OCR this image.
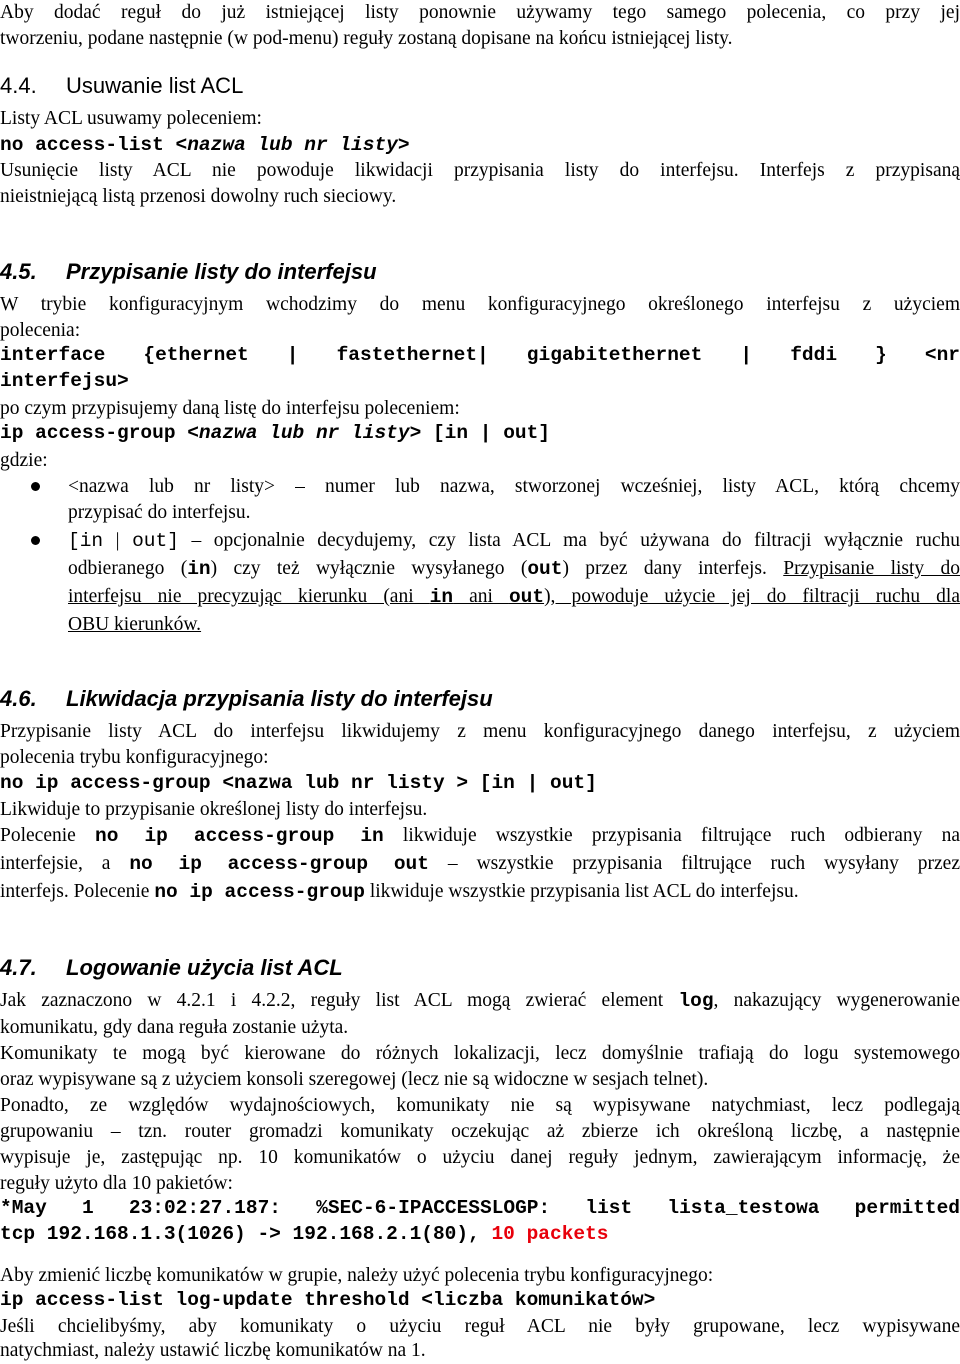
Aby dodać reguł do już istniejącej listy ponownie używamy tego samego polecenia, co przy jej
tworzeniu, podane następnie (w pod-menu) reguły zostaną dopisane na końcu istniejącej listy.
4.4. Usuwanie list ACL
Listy ACL usuwamy poleceniem:
no access-list <nazwa lub nr listy>
Usunięcie listy ACL nie powoduje likwidacji przypisania listy do interfejsu. Interfejs z przypisaną
nieistniejącą listą przenosi dowolny ruch sieciowy.
4.5. Przypisanie listy do interfejsu
W trybie konfiguracyjnym wchodzimy do menu konfiguracyjnego określonego interfejsu z użyciem
polecenia:
interface {ethernet | fastethernet| gigabitethernet | fddi } <nr
interfejsu>
po czym przypisujemy daną listę do interfejsu poleceniem:
ip access-group <nazwa lub nr listy> [in | out]
gdzie:
<nazwa lub nr listy> – numer lub nazwa, stworzonej wcześniej, listy ACL, którą chcemy
przypisać do interfejsu.
[in | out] – opcjonalnie decydujemy, czy lista ACL ma być używana do filtracji wyłącznie ruchu
odbieranego (in) czy też wyłącznie wysyłanego (out) przez dany interfejs. Przypisanie listy do
interfejsu nie precyzując kierunku (ani in ani out), powoduje użycie jej do filtracji ruchu dla
OBU kierunków.
4.6. Likwidacja przypisania listy do interfejsu
Przypisanie listy ACL do interfejsu likwidujemy z menu konfiguracyjnego danego interfejsu, z użyciem
polecenia trybu konfiguracyjnego:
no ip access-group <nazwa lub nr listy > [in | out]
Likwiduje to przypisanie określonej listy do interfejsu.
Polecenie no ip access-group in likwiduje wszystkie przypisania filtrujące ruch odbierany na
interfejsie, a no ip access-group out – wszystkie przypisania filtrujące ruch wysyłany przez
interfejs. Polecenie no ip access-group likwiduje wszystkie przypisania list ACL do interfejsu.
4.7. Logowanie użycia list ACL
Jak zaznaczono w 4.2.1 i 4.2.2, reguły list ACL mogą zwierać element log, nakazujący wygenerowanie
komunikatu, gdy dana reguła zostanie użyta.
Komunikaty te mogą być kierowane do różnych lokalizacji, lecz domyślnie trafiają do logu systemowego
oraz wypisywane są z użyciem konsoli szeregowej (lecz nie są widoczne w sesjach telnet).
Ponadto, ze względów wydajnościowych, komunikaty nie są wypisywane natychmiast, lecz podlegają
grupowaniu – tzn. router gromadzi komunikaty oczekując aż zbierze ich określoną liczbę, a następnie
wypisuje je, zastępując np. 10 komunikatów o użyciu danej reguły jednym, zawierającym informację, że
reguły użyto dla 10 pakietów:
*May 1 23:02:27.187: %SEC-6-IPACCESSLOGP: list lista_testowa permitted
tcp 192.168.1.3(1026) -> 192.168.2.1(80), 10 packets
Aby zmienić liczbę komunikatów w grupie, należy użyć polecenia trybu konfiguracyjnego:
ip access-list log-update threshold <liczba komunikatów>
Jeśli chcielibyśmy, aby komunikaty o użyciu reguł ACL nie były grupowane, lecz wypisywane
natychmiast, należy ustawić liczbę komunikatów na 1.
